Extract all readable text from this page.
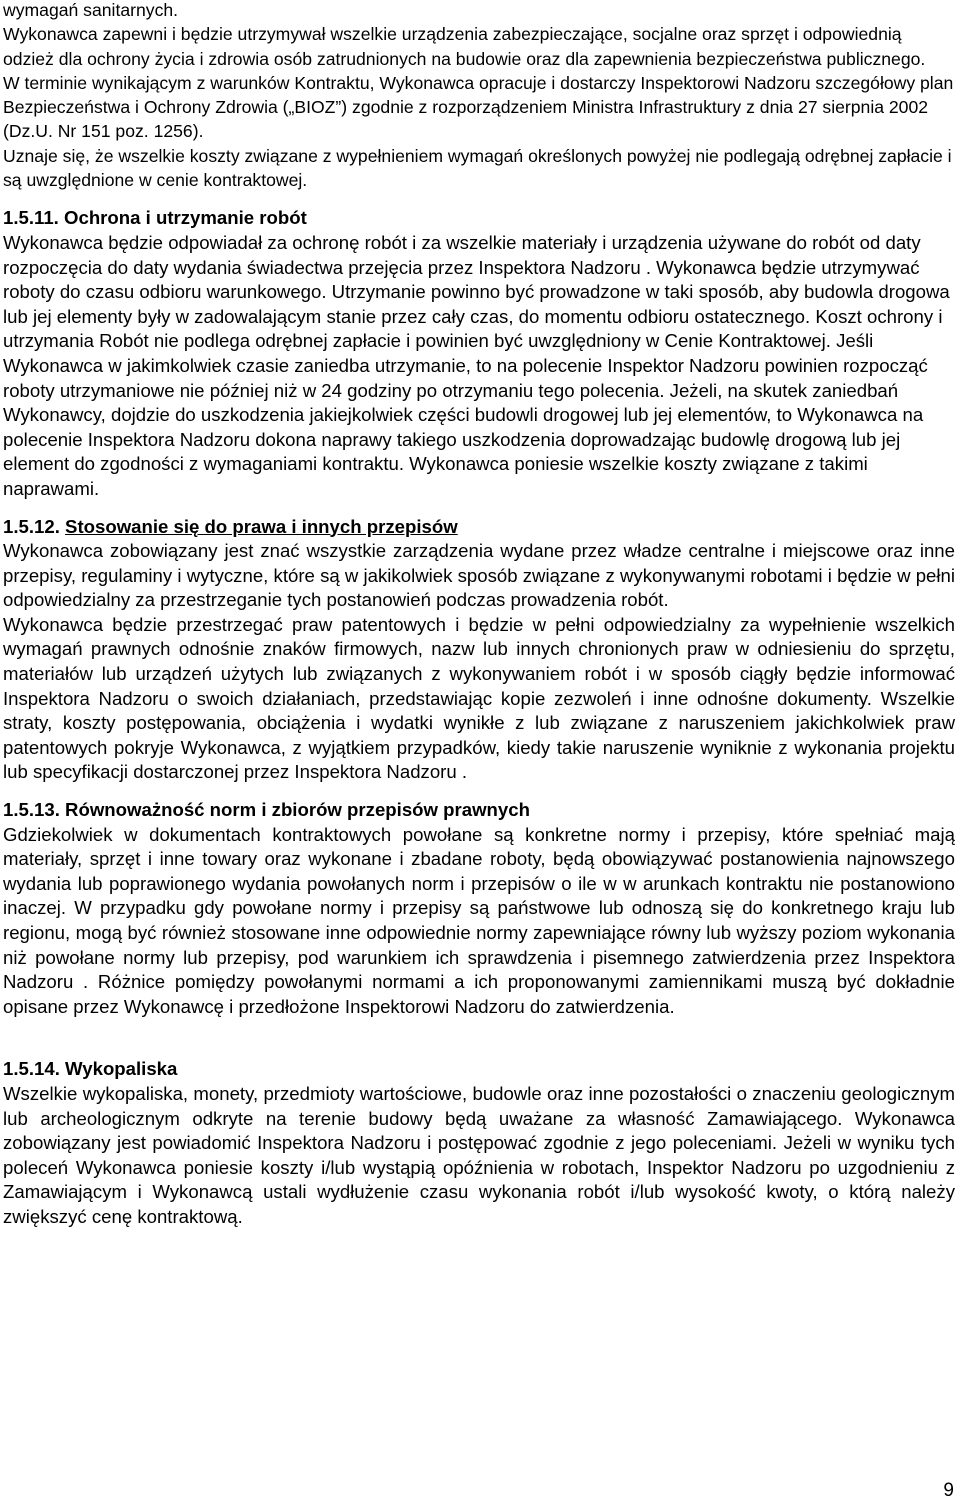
wymagań sanitarnych.

Wykonawca zapewni i będzie utrzymywał wszelkie urządzenia zabezpieczające, socjalne oraz sprzęt i odpowiednią odzież dla ochrony życia i zdrowia osób zatrudnionych na budowie oraz dla zapewnienia bezpieczeństwa publicznego.

W terminie wynikającym z warunków Kontraktu, Wykonawca opracuje i dostarczy Inspektorowi Nadzoru szczegółowy plan Bezpieczeństwa i Ochrony Zdrowia („BIOZ”) zgodnie z rozporządzeniem Ministra Infrastruktury z dnia 27 sierpnia 2002 (Dz.U. Nr 151 poz. 1256).

Uznaje się, że wszelkie koszty związane z wypełnieniem wymagań określonych powyżej nie podlegają odrębnej zapłacie i są uwzględnione w cenie kontraktowej.

1.5.11. Ochrona i utrzymanie robót

Wykonawca będzie odpowiadał za ochronę robót i za wszelkie materiały i urządzenia używane do robót od daty rozpoczęcia do daty wydania świadectwa przejęcia przez Inspektora Nadzoru . Wykonawca będzie utrzymywać roboty do czasu odbioru warunkowego. Utrzymanie powinno być prowadzone w taki sposób, aby budowla drogowa lub jej elementy były w zadowalającym stanie przez cały czas, do momentu odbioru ostatecznego. Koszt ochrony i utrzymania Robót nie podlega odrębnej zapłacie i powinien być uwzględniony w Cenie Kontraktowej. Jeśli Wykonawca w jakimkolwiek czasie zaniedba utrzymanie, to na polecenie Inspektor Nadzoru powinien rozpocząć roboty utrzymaniowe nie później niż w 24 godziny po otrzymaniu tego polecenia. Jeżeli, na skutek zaniedbań Wykonawcy, dojdzie do uszkodzenia jakiejkolwiek części budowli drogowej lub jej elementów, to Wykonawca na polecenie Inspektora Nadzoru dokona naprawy takiego uszkodzenia doprowadzając budowlę drogową lub jej element do zgodności z wymaganiami kontraktu. Wykonawca poniesie wszelkie koszty związane z takimi naprawami.

1.5.12. Stosowanie się do prawa i innych przepisów

Wykonawca zobowiązany jest znać wszystkie zarządzenia wydane przez władze centralne i miejscowe oraz inne przepisy, regulaminy i wytyczne, które są w jakikolwiek sposób związane z wykonywanymi robotami i będzie w pełni odpowiedzialny za przestrzeganie tych postanowień podczas prowadzenia robót.

Wykonawca będzie przestrzegać praw patentowych i będzie w pełni odpowiedzialny za wypełnienie wszelkich wymagań prawnych odnośnie znaków firmowych, nazw lub innych chronionych praw w odniesieniu do sprzętu, materiałów lub urządzeń użytych lub związanych z wykonywaniem robót i w sposób ciągły będzie informować Inspektora Nadzoru o swoich działaniach, przedstawiając kopie zezwoleń i inne odnośne dokumenty. Wszelkie straty, koszty postępowania, obciążenia i wydatki wynikłe z lub związane z naruszeniem jakichkolwiek praw patentowych pokryje Wykonawca, z wyjątkiem przypadków, kiedy takie naruszenie wyniknie z wykonania projektu lub specyfikacji dostarczonej przez Inspektora Nadzoru .

1.5.13. Równoważność norm i zbiorów przepisów prawnych

Gdziekolwiek w dokumentach kontraktowych powołane są konkretne normy i przepisy, które spełniać mają materiały, sprzęt i inne towary oraz wykonane i zbadane roboty, będą obowiązywać postanowienia najnowszego wydania lub poprawionego wydania powołanych norm i przepisów o ile w w arunkach kontraktu nie postanowiono inaczej. W przypadku gdy powołane normy i przepisy są państwowe lub odnoszą się do konkretnego kraju lub regionu, mogą być również stosowane inne odpowiednie normy zapewniające równy lub wyższy poziom wykonania niż powołane normy lub przepisy, pod warunkiem ich sprawdzenia i pisemnego zatwierdzenia przez Inspektora Nadzoru . Różnice pomiędzy powołanymi normami a ich proponowanymi zamiennikami muszą być dokładnie opisane przez Wykonawcę i przedłożone Inspektorowi Nadzoru do zatwierdzenia.

1.5.14. Wykopaliska

Wszelkie wykopaliska, monety, przedmioty wartościowe, budowle oraz inne pozostałości o znaczeniu geologicznym lub archeologicznym odkryte na terenie budowy będą uważane za własność Zamawiającego. Wykonawca zobowiązany jest powiadomić Inspektora Nadzoru i postępować zgodnie z jego poleceniami. Jeżeli w wyniku tych poleceń Wykonawca poniesie koszty i/lub wystąpią opóźnienia w robotach, Inspektor Nadzoru po uzgodnieniu z Zamawiającym i Wykonawcą ustali wydłużenie czasu wykonania robót i/lub wysokość kwoty, o którą należy zwiększyć cenę kontraktową.

9
